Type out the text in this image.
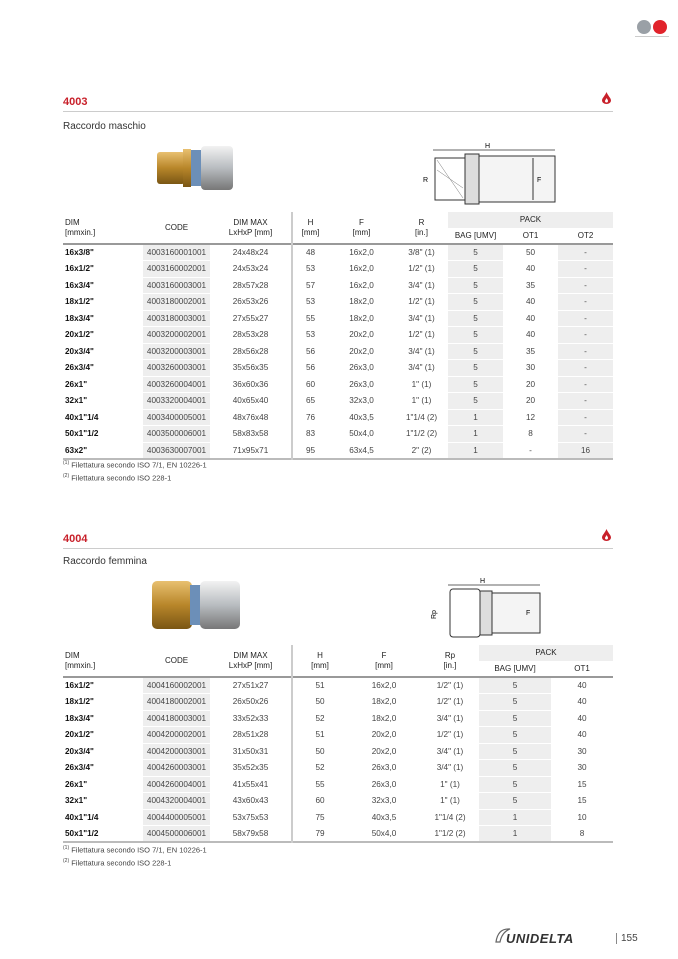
4003
Raccordo maschio
H
R	F
DIM
[mmxin.]	CODE	DIM MAX
LxHxP [mm]	H
[mm]	F
[mm]	R
[in.]	PACK		
						BAG [UMV]	OT1	OT2
16x3/8"	4003160001001	24x48x24	48	16x2,0	3/8" (1)	5	50	-
16x1/2"	4003160002001	24x53x24	53	16x2,0	1/2" (1)	5	40	-
16x3/4"	4003160003001	28x57x28	57	16x2,0	3/4" (1)	5	35	-
18x1/2"	4003180002001	26x53x26	53	18x2,0	1/2" (1)	5	40	-
18x3/4"	4003180003001	27x55x27	55	18x2,0	3/4" (1)	5	40	-
20x1/2"	4003200002001	28x53x28	53	20x2,0	1/2" (1)	5	40	-
20x3/4"	4003200003001	28x56x28	56	20x2,0	3/4" (1)	5	35	-
26x3/4"	4003260003001	35x56x35	56	26x3,0	3/4" (1)	5	30	-
26x1"	4003260004001	36x60x36	60	26x3,0	1" (1)	5	20	-
32x1"	4003320004001	40x65x40	65	32x3,0	1" (1)	5	20	-
40x1"1/4	4003400005001	48x76x48	76	40x3,5	1"1/4 (2)	1	12	-
50x1"1/2	4003500006001	58x83x58	83	50x4,0	1"1/2 (2)	1	8	-
63x2"	4003630007001	71x95x71	95	63x4,5	2" (2)	1	-	16
$^{(1)}$ Filettatura secondo ISO 7/1, EN 10226-1
$^{(2)}$ Filettatura secondo ISO 228-1
4004
Raccordo femmina
H
Rp	F
DIM
[mmxin.]	CODE	DIM MAX
LxHxP [mm]	H
[mm]	F
[mm]	Rp
[in.]	PACK	
						BAG [UMV]	OT1
16x1/2"	4004160002001	27x51x27	51	16x2,0	1/2" (1)	5	40
18x1/2"	4004180002001	26x50x26	50	18x2,0	1/2" (1)	5	40
18x3/4"	4004180003001	33x52x33	52	18x2,0	3/4" (1)	5	40
20x1/2"	4004200002001	28x51x28	51	20x2,0	1/2" (1)	5	40
20x3/4"	4004200003001	31x50x31	50	20x2,0	3/4" (1)	5	30
26x3/4"	4004260003001	35x52x35	52	26x3,0	3/4" (1)	5	30
26x1"	4004260004001	41x55x41	55	26x3,0	1" (1)	5	15
32x1"	4004320004001	43x60x43	60	32x3,0	1" (1)	5	15
40x1"1/4	4004400005001	53x75x53	75	40x3,5	1"1/4 (2)	1	10
50x1"1/2	4004500006001	58x79x58	79	50x4,0	1"1/2 (2)	1	8
$^{(1)}$ Filettatura secondo ISO 7/1, EN 10226-1
$^{(2)}$ Filettatura secondo ISO 228-1
UNIDELTA	155
